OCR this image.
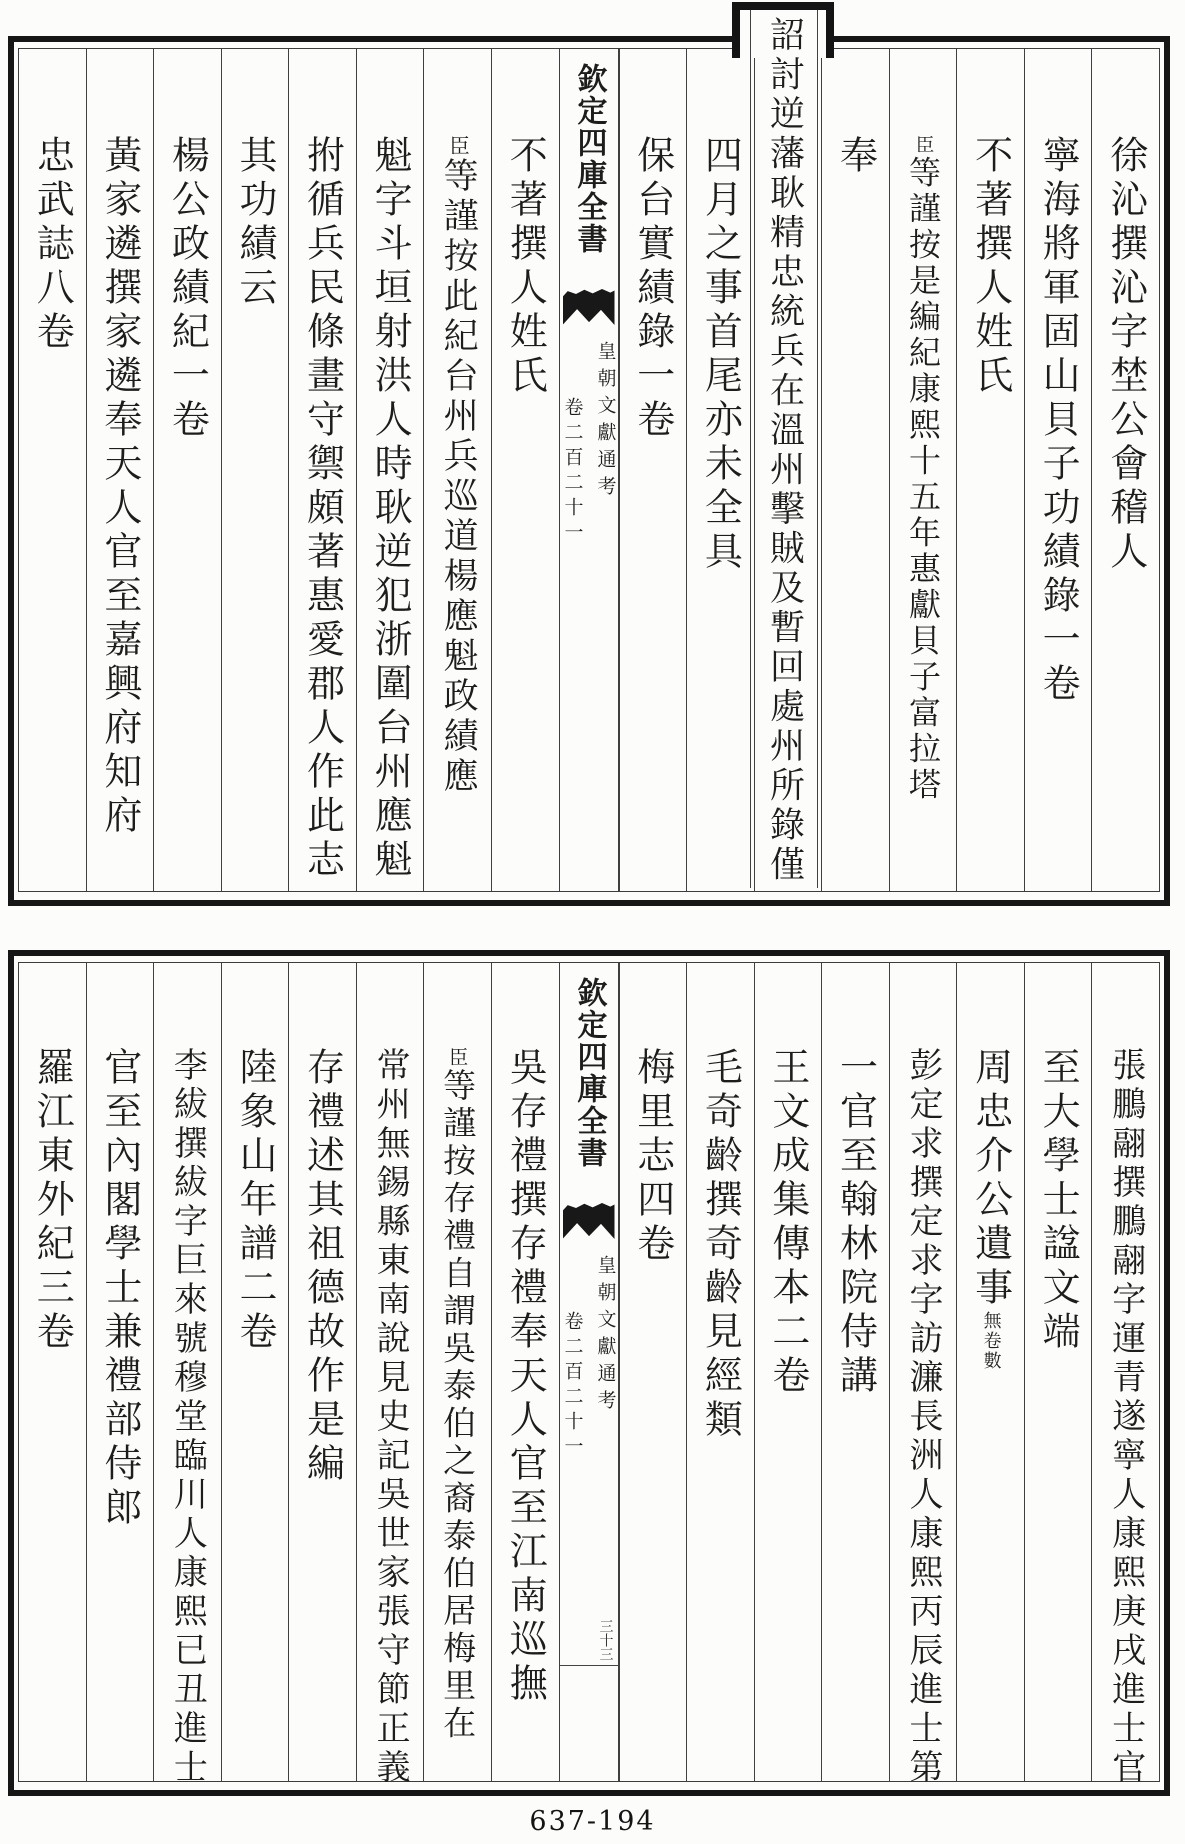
徐沁撰沁字埜公會稽人
寧海將軍固山貝子功績錄一卷
不著撰人姓氏
臣等謹按是編紀康熙十五年惠獻貝子富拉塔
奉
四月之事首尾亦未全具
保台實績錄一卷
欽定四庫全書
皇朝文獻通考
卷二百二十一
不著撰人姓氏
臣等謹按此紀台州兵巡道楊應魁政績應
魁字斗垣射洪人時耿逆犯浙圍台州應魁
拊循兵民條畫守禦頗著惠愛郡人作此志
其功績云
楊公政績紀一卷
黃家遴撰家遴奉天人官至嘉興府知府
忠武誌八卷	詔討逆藩耿精忠統兵在溫州擊賊及暫回處州所錄僅
張鵬翮撰鵬翮字運青遂寧人康熙庚戌進士官
至大學士諡文端
周忠介公遺事無卷數
彭定求撰定求字訪濂長洲人康熙丙辰進士第
一官至翰林院侍講
王文成集傳本二卷
毛奇齡撰奇齡見經類
梅里志四卷
欽定四庫全書
皇朝文獻通考
卷二百二十一
三十三
吳存禮撰存禮奉天人官至江南巡撫
臣等謹按存禮自謂吳泰伯之裔泰伯居梅里在
常州無錫縣東南說見史記吳世家張守節正義
存禮述其祖德故作是編
陸象山年譜二卷
李紱撰紱字巨來號穆堂臨川人康熙已丑進士
官至內閣學士兼禮部侍郎
羅江東外紀三卷
637-194
